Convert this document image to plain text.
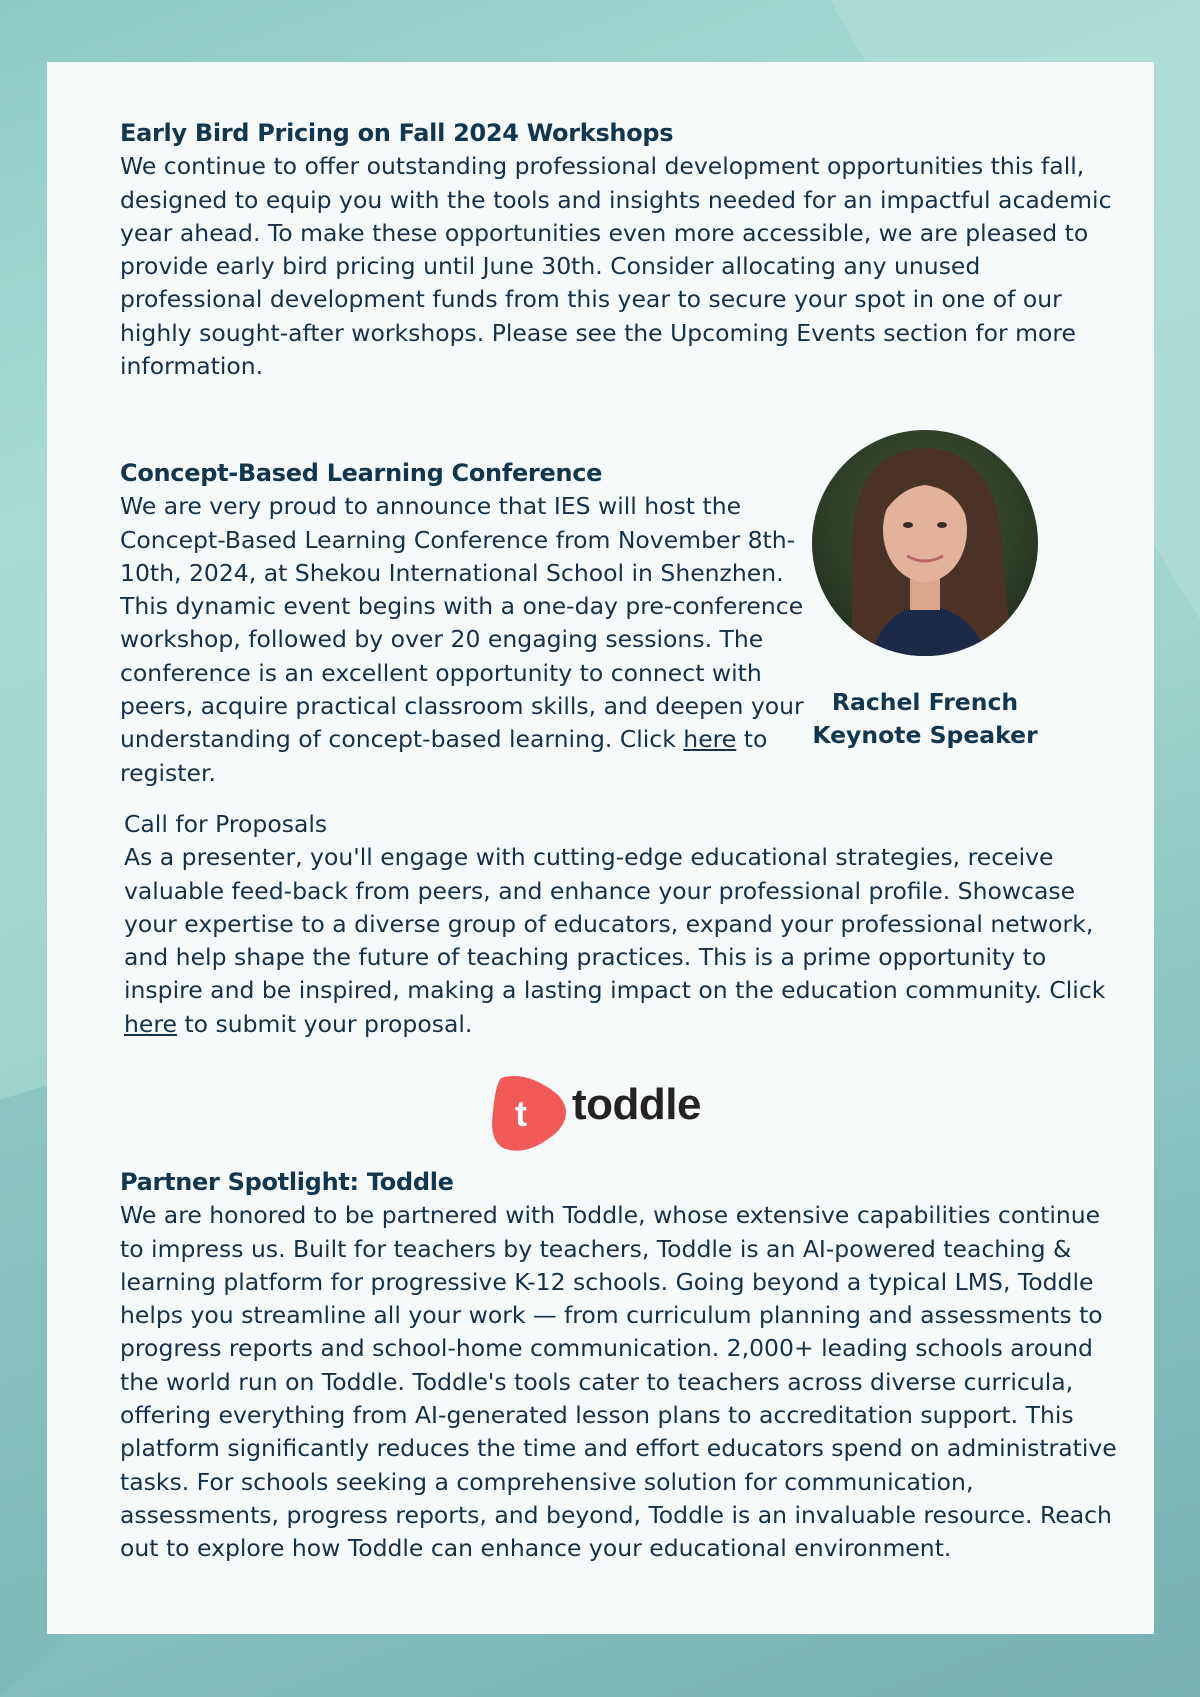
Early Bird Pricing on Fall 2024 Workshops

We continue to offer outstanding professional development opportunities this fall, designed to equip you with the tools and insights needed for an impactful academic year ahead. To make these opportunities even more accessible, we are pleased to provide early bird pricing until June 30th. Consider allocating any unused professional development funds from this year to secure your spot in one of our highly sought-after workshops. Please see the Upcoming Events section for more information.

Concept-Based Learning Conference

We are very proud to announce that IES will host the Concept-Based Learning Conference from November 8th-10th, 2024, at Shekou International School in Shenzhen. This dynamic event begins with a one-day pre-conference workshop, followed by over 20 engaging sessions. The conference is an excellent opportunity to connect with peers, acquire practical classroom skills, and deepen your understanding of concept-based learning. Click here to register.

Rachel French

Keynote Speaker

Call for Proposals

As a presenter, you'll engage with cutting-edge educational strategies, receive valuable feed-back from peers, and enhance your professional profile. Showcase your expertise to a diverse group of educators, expand your professional network, and help shape the future of teaching practices. This is a prime opportunity to inspire and be inspired, making a lasting impact on the education community. Click here to submit your proposal.

t toddle

Partner Spotlight: Toddle

We are honored to be partnered with Toddle, whose extensive capabilities continue to impress us. Built for teachers by teachers, Toddle is an AI-powered teaching & learning platform for progressive K-12 schools. Going beyond a typical LMS, Toddle helps you streamline all your work — from curriculum planning and assessments to progress reports and school-home communication. 2,000+ leading schools around the world run on Toddle. Toddle's tools cater to teachers across diverse curricula, offering everything from AI-generated lesson plans to accreditation support. This platform significantly reduces the time and effort educators spend on administrative tasks. For schools seeking a comprehensive solution for communication, assessments, progress reports, and beyond, Toddle is an invaluable resource. Reach out to explore how Toddle can enhance your educational environment.
